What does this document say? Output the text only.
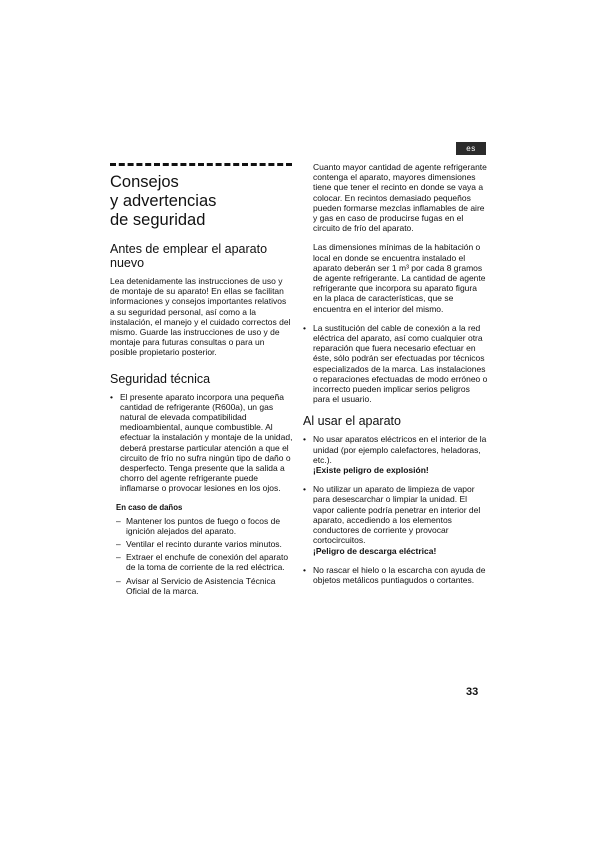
es
Consejos
y advertencias
de seguridad
Antes de emplear el aparato nuevo

Lea detenidamente las instrucciones de uso y de montaje de su aparato! En ellas se facilitan informaciones y consejos importantes relativos a su seguridad personal, así como a la instalación, el manejo y el cuidado correctos del mismo. Guarde las instrucciones de uso y de montaje para futuras consultas o para un posible propietario posterior.

Seguridad técnica
• El presente aparato incorpora una pequeña cantidad de refrigerante (R600a), un gas natural de elevada compatibilidad medioambiental, aunque combustible. Al efectuar la instalación y montaje de la unidad, deberá prestarse particular atención a que el circuito de frío no sufra ningún tipo de daño o desperfecto. Tenga presente que la salida a chorro del agente refrigerante puede inflamarse o provocar lesiones en los ojos.
En caso de daños
– Mantener los puntos de fuego o focos de ignición alejados del aparato.
– Ventilar el recinto durante varios minutos.
– Extraer el enchufe de conexión del aparato de la toma de corriente de la red eléctrica.
– Avisar al Servicio de Asistencia Técnica Oficial de la marca.

Cuanto mayor cantidad de agente refrigerante contenga el aparato, mayores dimensiones tiene que tener el recinto en donde se vaya a colocar. En recintos demasiado pequeños pueden formarse mezclas inflamables de aire y gas en caso de producirse fugas en el circuito de frío del aparato.

Las dimensiones mínimas de la habitación o local en donde se encuentra instalado el aparato deberán ser 1 m³ por cada 8 gramos de agente refrigerante. La cantidad de agente refrigerante que incorpora su aparato figura en la placa de características, que se encuentra en el interior del mismo.

• La sustitución del cable de conexión a la red eléctrica del aparato, así como cualquier otra reparación que fuera necesario efectuar en éste, sólo podrán ser efectuadas por técnicos especializados de la marca. Las instalaciones o reparaciones efectuadas de modo erróneo o incorrecto pueden implicar serios peligros para el usuario.
Al usar el aparato
• No usar aparatos eléctricos en el interior de la unidad (por ejemplo calefactores, heladoras, etc.).
¡Existe peligro de explosión!
• No utilizar un aparato de limpieza de vapor para desescarchar o limpiar la unidad. El vapor caliente podría penetrar en interior del aparato, accediendo a los elementos conductores de corriente y provocar cortocircuitos.
¡Peligro de descarga eléctrica!
• No rascar el hielo o la escarcha con ayuda de objetos metálicos puntiagudos o cortantes.
33
